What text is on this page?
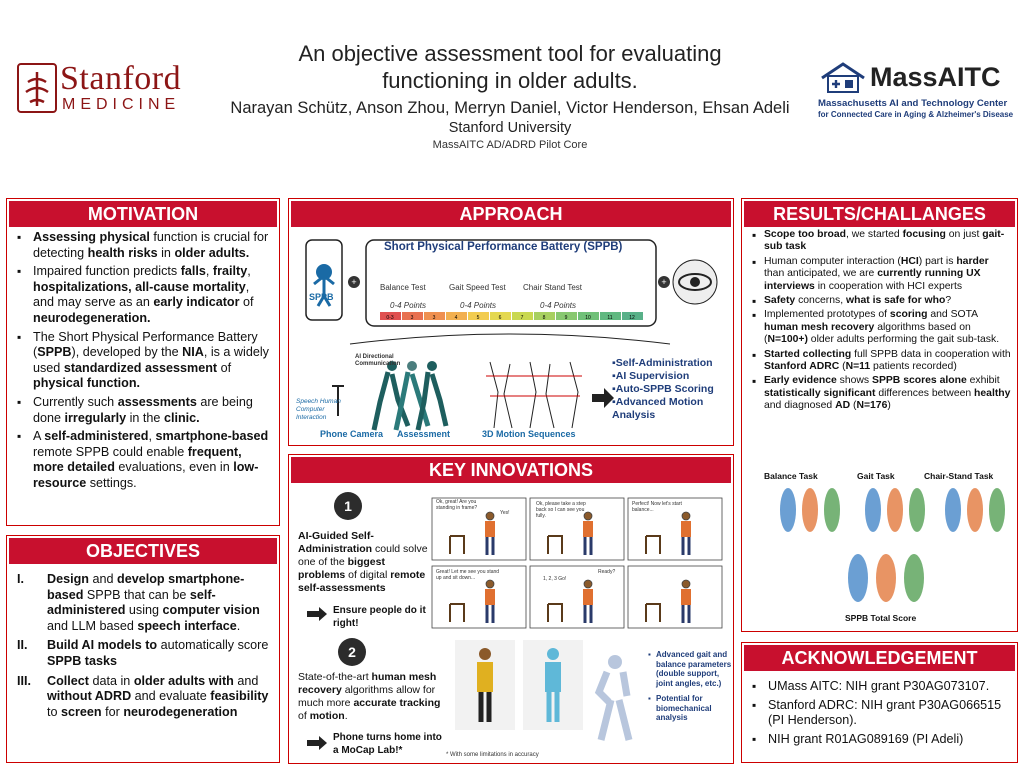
An objective assessment tool for evaluating functioning in older adults.
Narayan Schütz, Anson Zhou, Merryn Daniel, Victor Henderson, Ehsan Adeli
Stanford University
MassAITC AD/ADRD Pilot Core
Stanford
MEDICINE
MassAITC
Massachusetts AI and Technology Center
for Connected Care in Aging & Alzheimer's Disease
MOTIVATION
▪ Assessing physical function is crucial for detecting health risks in older adults.
▪ Impaired function predicts falls, frailty, hospitalizations, all-cause mortality, and may serve as an early indicator of neurodegeneration.
▪ The Short Physical Performance Battery (SPPB), developed by the NIA, is a widely used standardized assessment of physical function.
▪ Currently such assessments are being done irregularly in the clinic.
▪ A self-administered, smartphone-based remote SPPB could enable frequent, more detailed evaluations, even in low-resource settings.
OBJECTIVES
I. Design and develop smartphone-based SPPB that can be self-administered using computer vision and LLM based speech interface.
II. Build AI models to automatically score SPPB tasks
III. Collect data in older adults with and without ADRD and evaluate feasibility to screen for neurodegeneration
APPROACH
+	+
0-3	3	3	4	5	6	7	8	9	10	11	12
Short Physical Performance Battery (SPPB)
SPPB
Balance Test	Gait Speed Test Chair Stand Test
0-4 Points	0-4 Points	0-4 Points
Speech Human Computer Interaction
AI Directional Communication
Phone Camera Assessment	3D Motion Sequences
▪Self-Administration
▪AI Supervision
▪Auto-SPPB Scoring
▪Advanced Motion Analysis
KEY INNOVATIONS
1
AI-Guided Self-Administration could solve one of the biggest problems of digital remote self-assessments
Ensure people do it right!
Ok, great! Are you standing in frame?
Yes!
Ok, please take a step back so I can see you fully.
Perfect! Now let's start balance...
Great! Let me see you stand up and sit down...	1, 2, 3 Go!
Ready?
2
State-of-the-art human mesh recovery algorithms allow for much more accurate tracking of motion.
Phone turns home into a MoCap Lab!*
▪ Advanced gait and balance parameters (double support, joint angles, etc.)
▪ Potential for biomechanical analysis
* With some limitations in accuracy
RESULTS/CHALLANGES
▪ Scope too broad, we started focusing on just gait-sub task
▪ Human computer interaction (HCI) part is harder than anticipated, we are currently running UX interviews in cooperation with HCI experts
▪ Safety concerns, what is safe for who?
▪ Implemented prototypes of scoring and SOTA human mesh recovery algorithms based on (N=100+) older adults performing the gait sub-task.
▪ Started collecting full SPPB data in cooperation with Stanford ADRC (N=11 patients recorded)
▪ Early evidence shows SPPB scores alone exhibit statistically significant differences between healthy and diagnosed AD (N=176)
Balance Task	Gait Task	Chair-Stand Task
SPPB Total Score
ACKNOWLEDGEMENT
▪ UMass AITC: NIH grant P30AG073107.
▪ Stanford ADRC: NIH grant P30AG066515 (PI Henderson).
▪ NIH grant R01AG089169 (PI Adeli)
